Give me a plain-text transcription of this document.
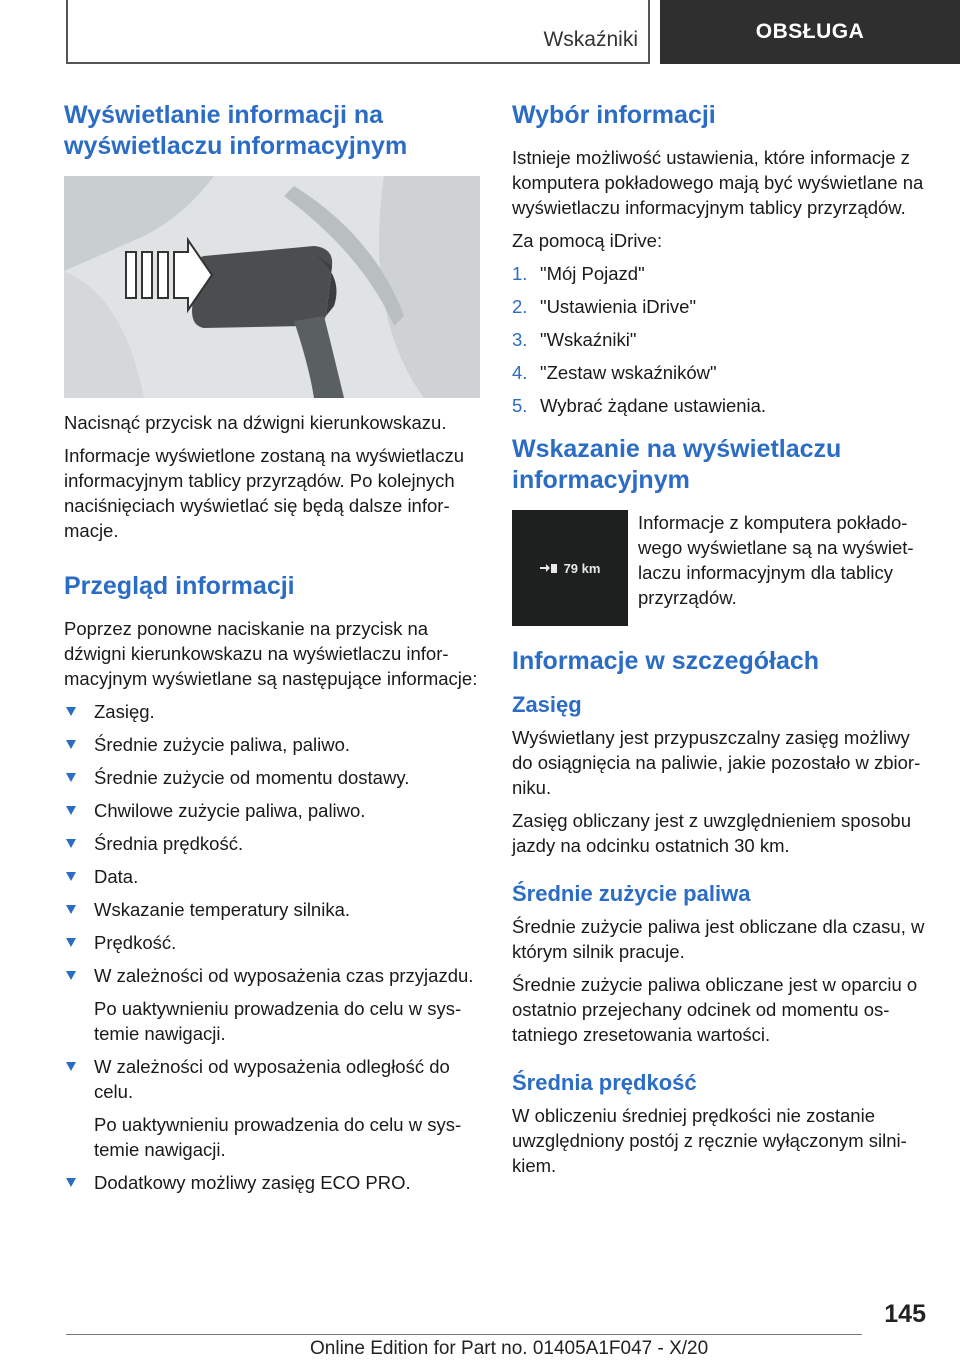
Wskaźniki	OBSŁUGA
Wyświetlanie informacji na wyświetlaczu informacyjnym

Nacisnąć przycisk na dźwigni kierunkowskazu.

Informacje wyświetlone zostaną na wyświetlaczu informacyjnym tablicy przyrządów. Po kolejnych naciśnięciach wyświetlać się będą dalsze informacje.

Przegląd informacji

Poprzez ponowne naciskanie na przycisk na dźwigni kierunkowskazu na wyświetlaczu informacyjnym wyświetlane są następujące informacje:

Zasięg.
Średnie zużycie paliwa, paliwo.
Średnie zużycie od momentu dostawy.
Chwilowe zużycie paliwa, paliwo.
Średnia prędkość.
Data.
Wskazanie temperatury silnika.
Prędkość.
W zależności od wyposażenia czas przyjazdu.
Po uaktywnieniu prowadzenia do celu w systemie nawigacji.
W zależności od wyposażenia odległość do celu.
Po uaktywnieniu prowadzenia do celu w systemie nawigacji.
Dodatkowy możliwy zasięg ECO PRO.
Wybór informacji

Istnieje możliwość ustawienia, które informacje z komputera pokładowego mają być wyświetlane na wyświetlaczu informacyjnym tablicy przyrządów.

Za pomocą iDrive:

1. "Mój Pojazd"
2. "Ustawienia iDrive"
3. "Wskaźniki"
4. "Zestaw wskaźników"
5. Wybrać żądane ustawienia.
Wskazanie na wyświetlaczu informacyjnym
79 km

Informacje z komputera pokładowego wyświetlane są na wyświetlaczu informacyjnym dla tablicy przyrządów.

Informacje w szczegółach
Zasięg

Wyświetlany jest przypuszczalny zasięg możliwy do osiągnięcia na paliwie, jakie pozostało w zbiorniku.

Zasięg obliczany jest z uwzględnieniem sposobu jazdy na odcinku ostatnich 30 km.

Średnie zużycie paliwa

Średnie zużycie paliwa jest obliczane dla czasu, w którym silnik pracuje.

Średnie zużycie paliwa obliczane jest w oparciu o ostatnio przejechany odcinek od momentu ostatniego zresetowania wartości.

Średnia prędkość

W obliczeniu średniej prędkości nie zostanie uwzględniony postój z ręcznie wyłączonym silnikiem.

145
Online Edition for Part no. 01405A1F047 - X/20
